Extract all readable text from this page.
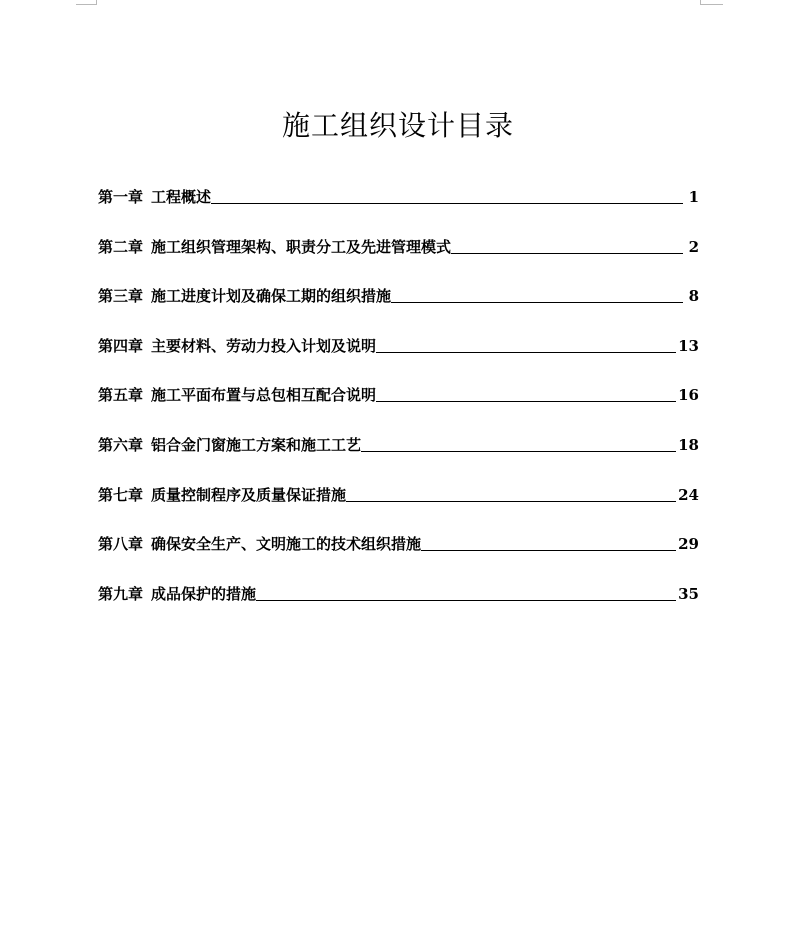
施工组织设计目录
第一章 工程概述	1
第二章 施工组织管理架构、职责分工及先进管理模式	2
第三章 施工进度计划及确保工期的组织措施	8
第四章 主要材料、劳动力投入计划及说明	13
第五章 施工平面布置与总包相互配合说明	16
第六章 铝合金门窗施工方案和施工工艺	18
第七章 质量控制程序及质量保证措施	24
第八章 确保安全生产、文明施工的技术组织措施	29
第九章 成品保护的措施	35
